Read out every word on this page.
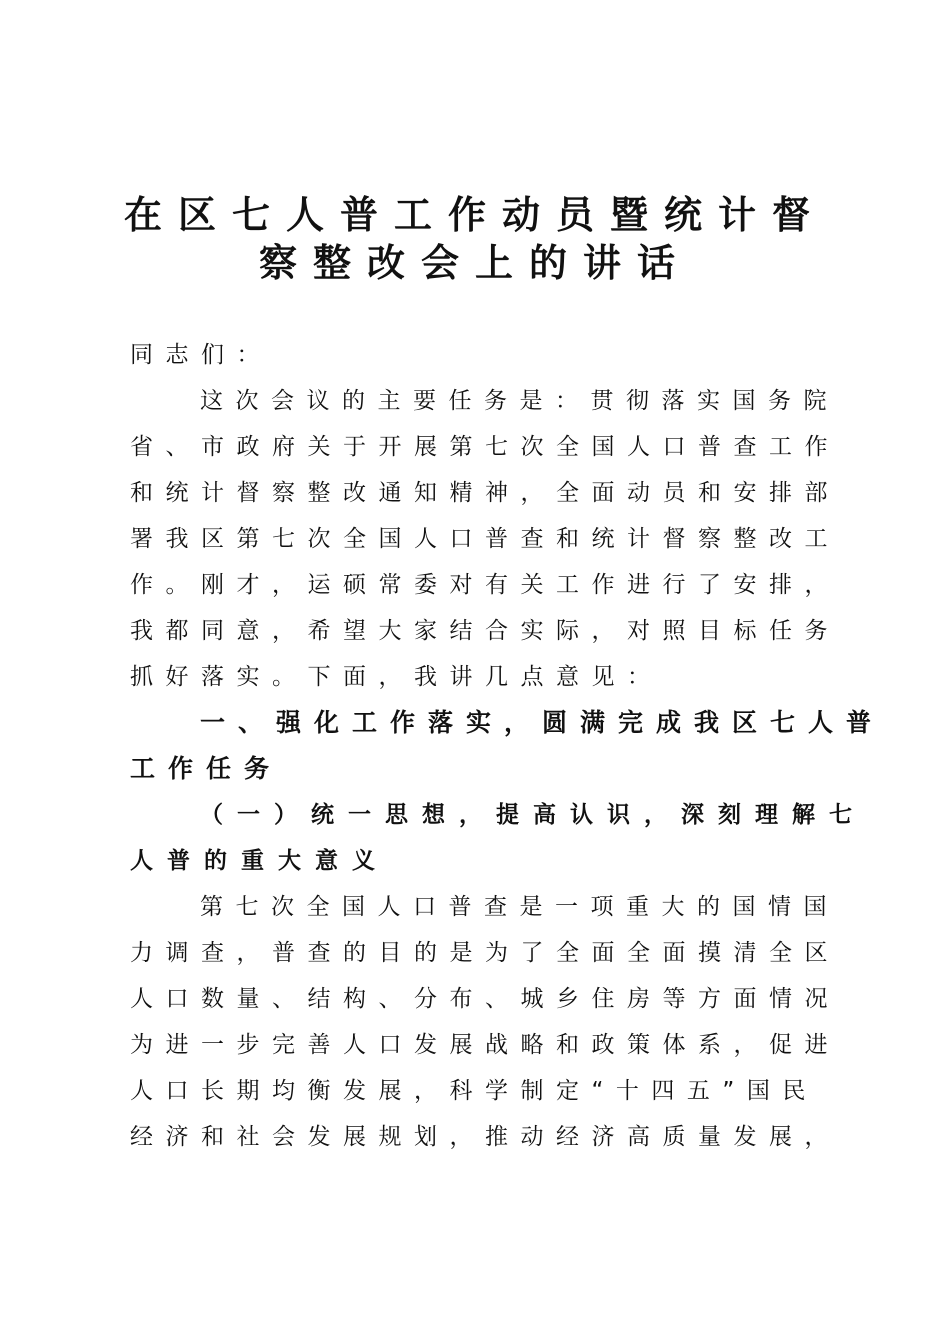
在区七人普工作动员暨统计督
察整改会上的讲话

同志们：

这次会议的主要任务是：贯彻落实国务院
省、市政府关于开展第七次全国人口普查工作
和统计督察整改通知精神，全面动员和安排部
署我区第七次全国人口普查和统计督察整改工
作。刚才，运硕常委对有关工作进行了安排，
我都同意，希望大家结合实际，对照目标任务
抓好落实。下面，我讲几点意见：
一、强化工作落实，圆满完成我区七人普
工作任务
（一）统一思想，提高认识，深刻理解七
人普的重大意义
第七次全国人口普查是一项重大的国情国
力调查，普查的目的是为了全面全面摸清全区
人口数量、结构、分布、城乡住房等方面情况
为进一步完善人口发展战略和政策体系，促进
人口长期均衡发展，科学制定“十四五”国民
经济和社会发展规划，推动经济高质量发展，
